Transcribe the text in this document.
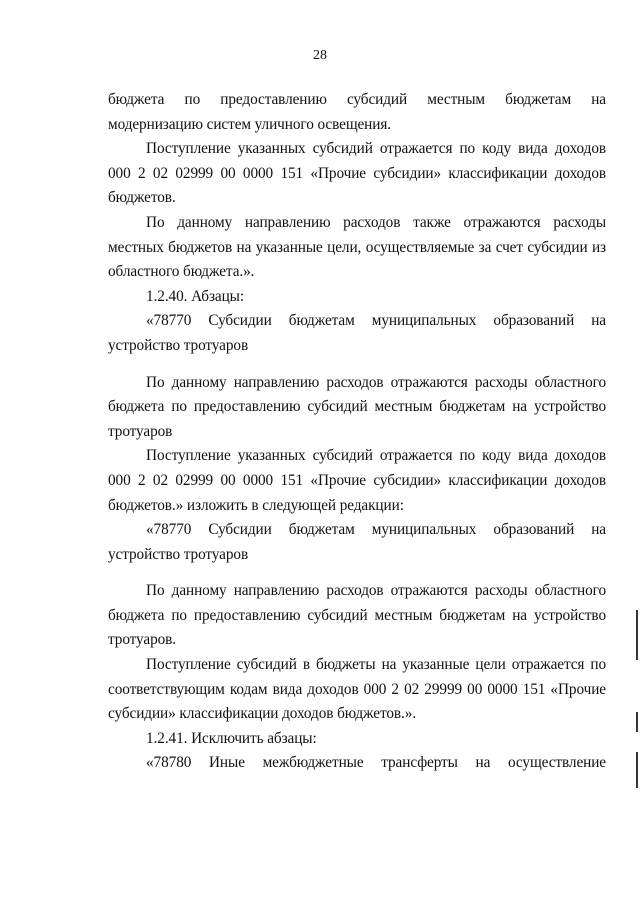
28

бюджета по предоставлению субсидий местным бюджетам на модернизацию систем уличного освещения.

Поступление указанных субсидий отражается по коду вида доходов 000 2 02 02999 00 0000 151 «Прочие субсидии» классификации доходов бюджетов.

По данному направлению расходов также отражаются расходы местных бюджетов на указанные цели, осуществляемые за счет субсидии из областного бюджета.».

1.2.40. Абзацы:

«78770 Субсидии бюджетам муниципальных образований на устройство тротуаров

По данному направлению расходов отражаются расходы областного бюджета по предоставлению субсидий местным бюджетам на устройство тротуаров

Поступление указанных субсидий отражается по коду вида доходов 000 2 02 02999 00 0000 151 «Прочие субсидии» классификации доходов бюджетов.» изложить в следующей редакции:

«78770 Субсидии бюджетам муниципальных образований на устройство тротуаров

По данному направлению расходов отражаются расходы областного бюджета по предоставлению субсидий местным бюджетам на устройство тротуаров.

Поступление субсидий в бюджеты на указанные цели отражается по соответствующим кодам вида доходов 000 2 02 29999 00 0000 151 «Прочие субсидии» классификации доходов бюджетов.».

1.2.41. Исключить абзацы:

«78780 Иные межбюджетные трансферты на осуществление
